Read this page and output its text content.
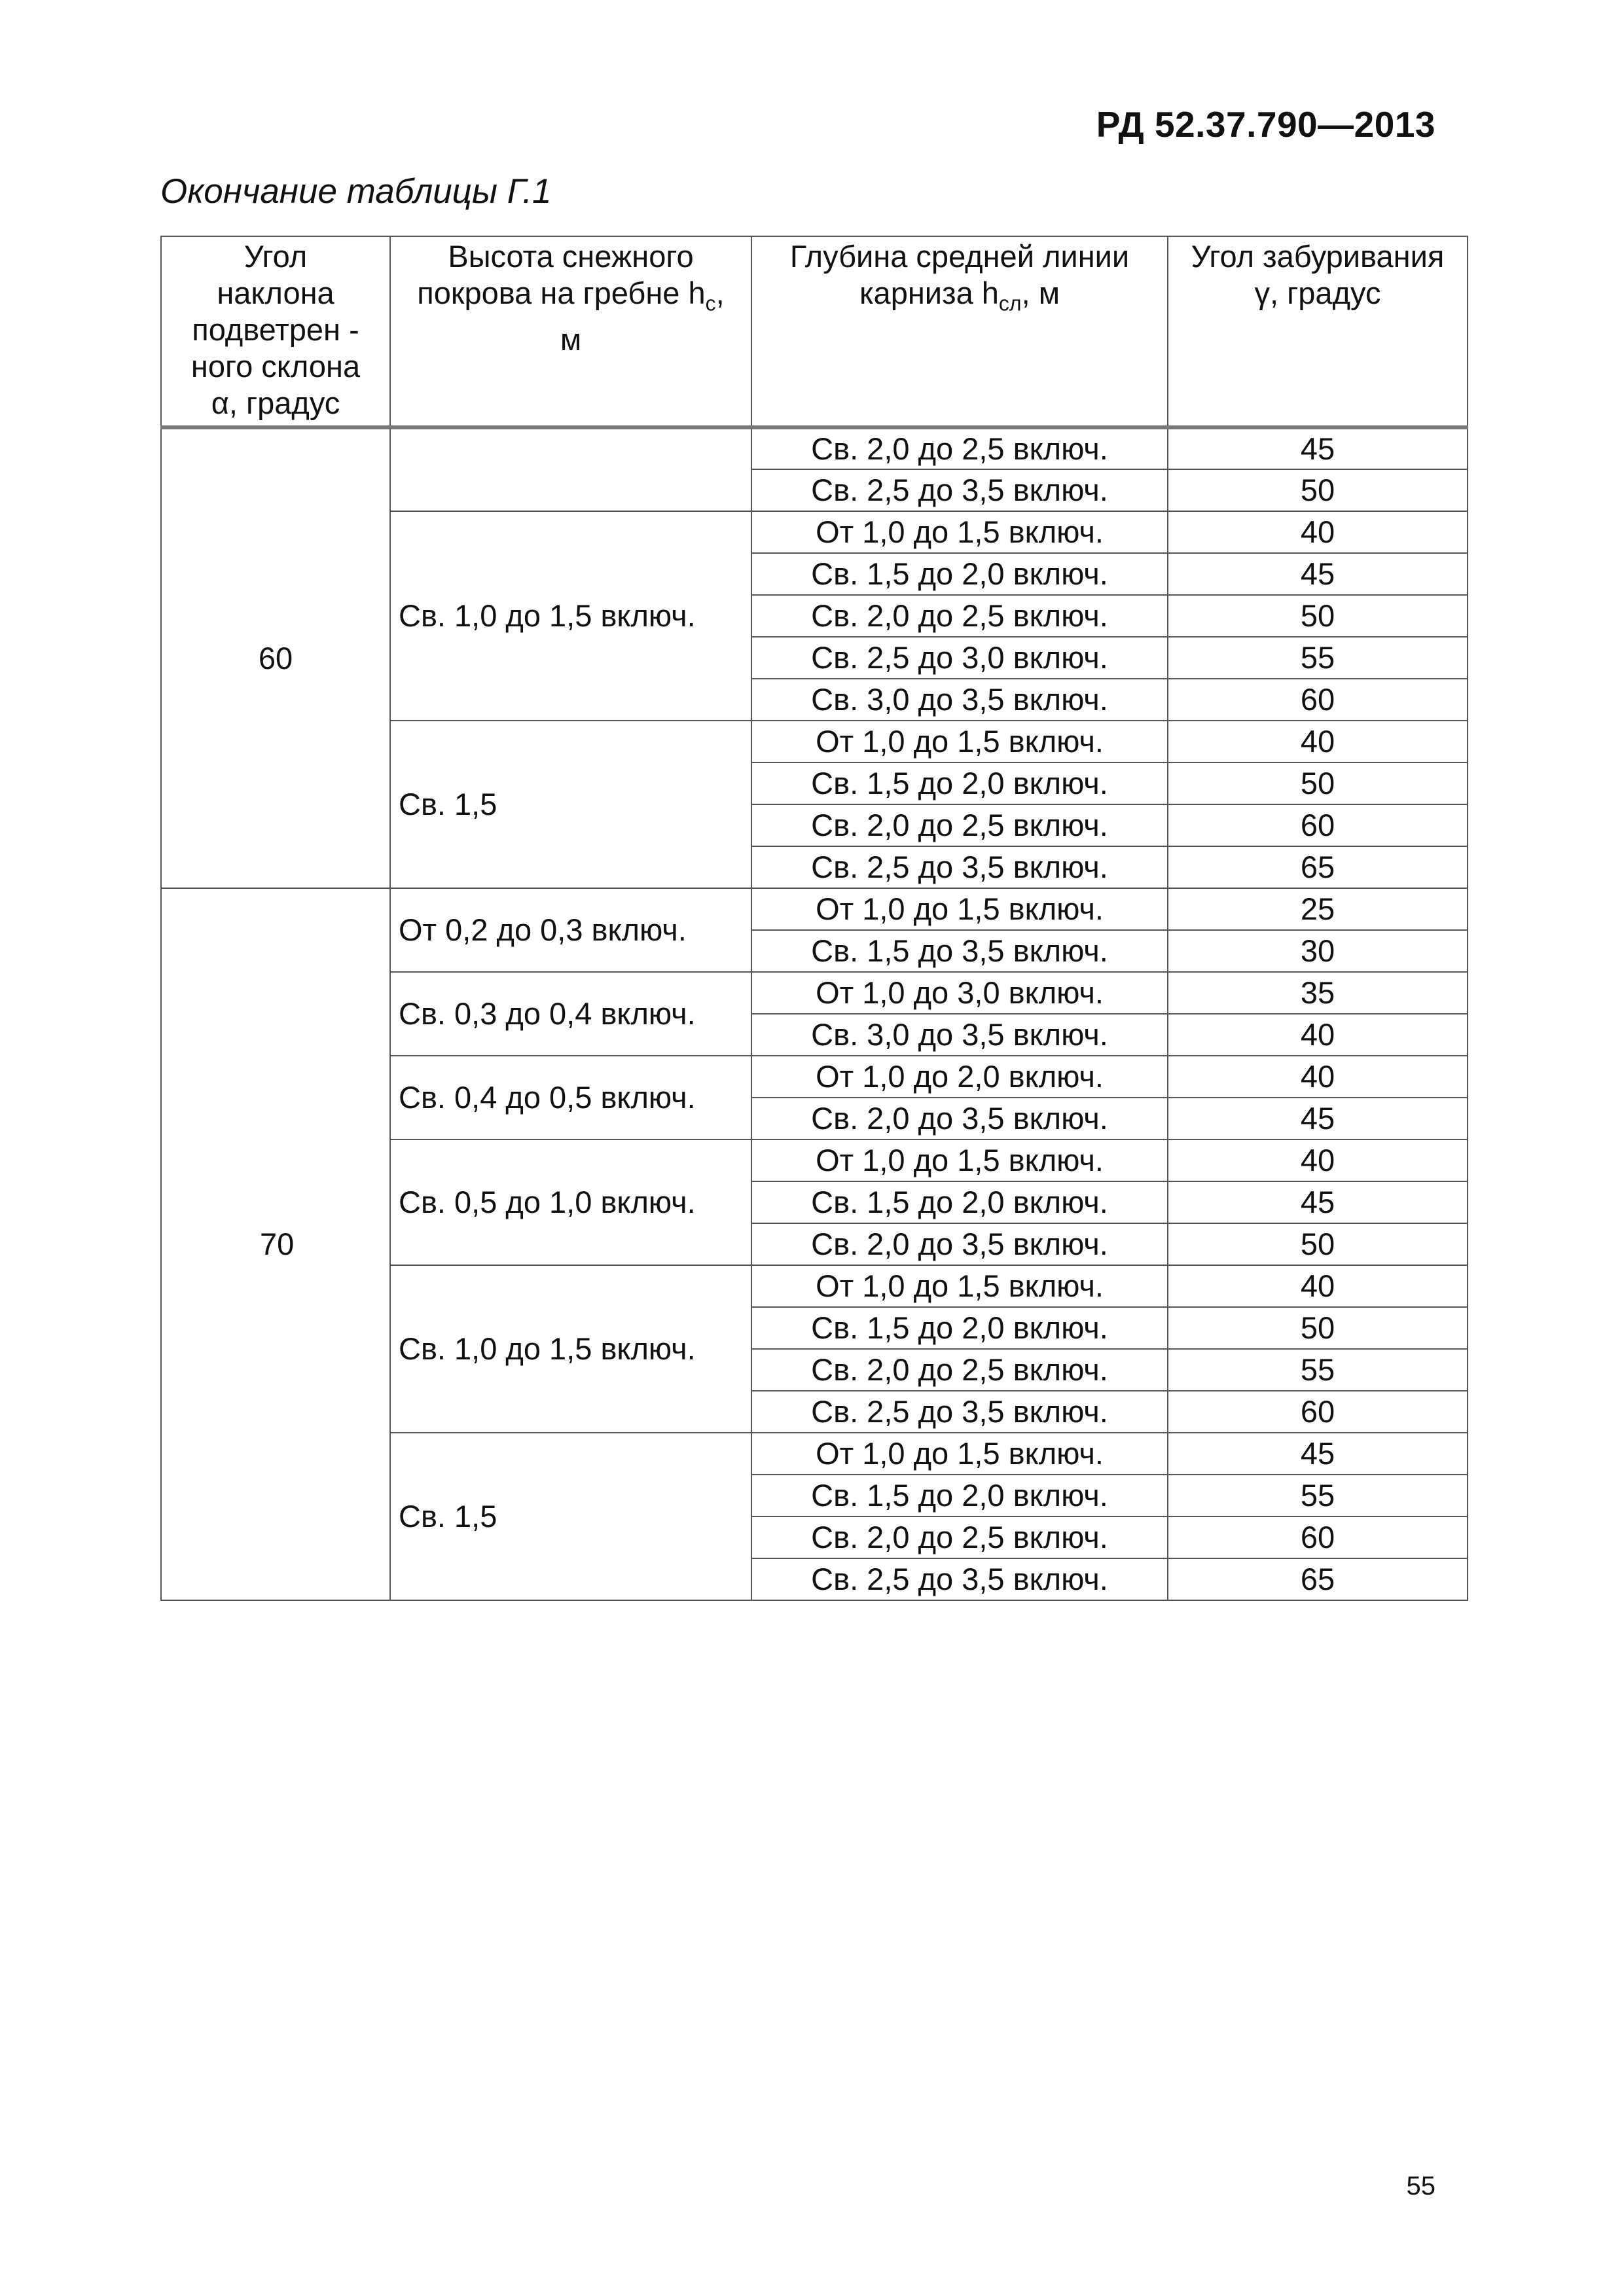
РД 52.37.790—2013
Окончание таблицы Г.1
Угол
наклона
подветрен -
ного склона
α, градус	Высота снежного
покрова на гребне $h_с$,
м	Глубина средней линии
карниза $h_{сл}$, м	Угол забуривания
γ, градус
60		Св. 2,0 до 2,5 включ.	45
		Св. 2,5 до 3,5 включ.	50
	Св. 1,0 до 1,5 включ.	От 1,0 до 1,5 включ.	40
		Св. 1,5 до 2,0 включ.	45
		Св. 2,0 до 2,5 включ.	50
		Св. 2,5 до 3,0 включ.	55
		Св. 3,0 до 3,5 включ.	60
	Св. 1,5	От 1,0 до 1,5 включ.	40
		Св. 1,5 до 2,0 включ.	50
		Св. 2,0 до 2,5 включ.	60
		Св. 2,5 до 3,5 включ.	65
70	От 0,2 до 0,3 включ.	От 1,0 до 1,5 включ.	25
		Св. 1,5 до 3,5 включ.	30
	Св. 0,3 до 0,4 включ.	От 1,0 до 3,0 включ.	35
		Св. 3,0 до 3,5 включ.	40
	Св. 0,4 до 0,5 включ.	От 1,0 до 2,0 включ.	40
		Св. 2,0 до 3,5 включ.	45
	Св. 0,5 до 1,0 включ.	От 1,0 до 1,5 включ.	40
		Св. 1,5 до 2,0 включ.	45
		Св. 2,0 до 3,5 включ.	50
	Св. 1,0 до 1,5 включ.	От 1,0 до 1,5 включ.	40
		Св. 1,5 до 2,0 включ.	50
		Св. 2,0 до 2,5 включ.	55
		Св. 2,5 до 3,5 включ.	60
	Св. 1,5	От 1,0 до 1,5 включ.	45
		Св. 1,5 до 2,0 включ.	55
		Св. 2,0 до 2,5 включ.	60
		Св. 2,5 до 3,5 включ.	65
55
